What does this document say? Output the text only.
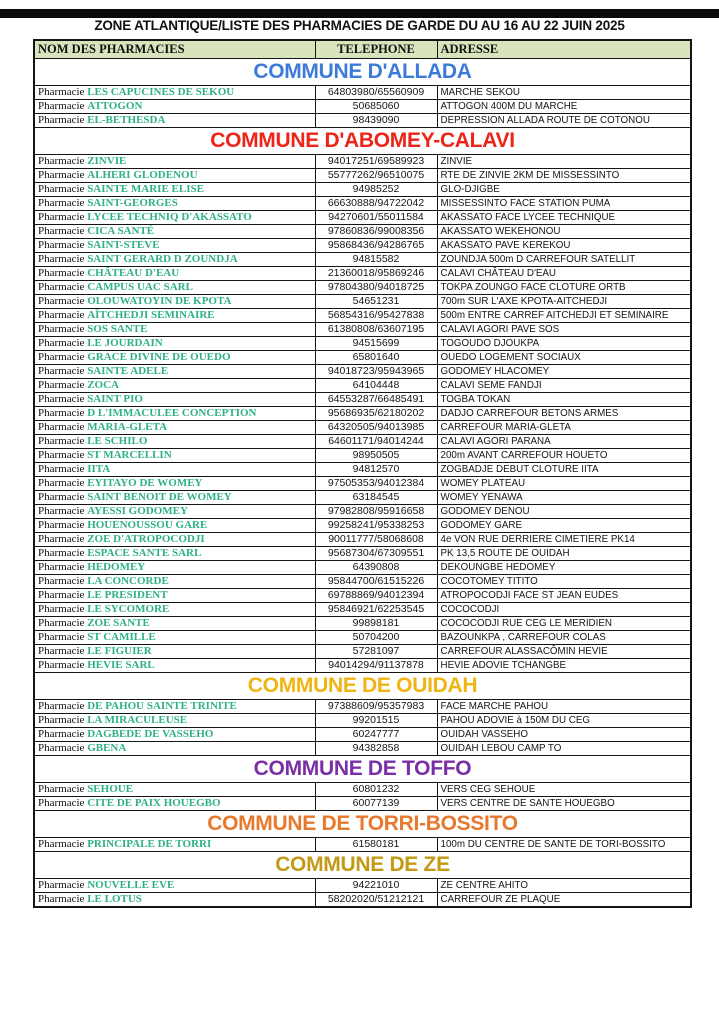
ZONE ATLANTIQUE/LISTE DES PHARMACIES DE GARDE DU AU 16 AU 22 JUIN 2025
NOM DES PHARMACIES	TELEPHONE	ADRESSE
COMMUNE D'ALLADA		
Pharmacie LES CAPUCINES DE SEKOU	64803980/65560909	MARCHE SEKOU
Pharmacie ATTOGON	50685060	ATTOGON 400M DU MARCHE
Pharmacie EL-BETHESDA	98439090	DEPRESSION ALLADA ROUTE DE COTONOU
COMMUNE D'ABOMEY-CALAVI		
Pharmacie ZINVIE	94017251/69589923	ZINVIE
Pharmacie ALHERI GLODENOU	55777262/96510075	RTE DE ZINVIE 2KM DE MISSESSINTO
Pharmacie SAINTE MARIE ELISE	94985252	GLO-DJIGBE
Pharmacie SAINT-GEORGES	66630888/94722042	MISSESSINTO FACE STATION PUMA
Pharmacie LYCEE TECHNIQ D'AKASSATO	94270601/55011584	AKASSATO FACE LYCEE TECHNIQUE
Pharmacie CICA SANTÉ	97860836/99008356	AKASSATO WEKEHONOU
Pharmacie SAINT-STEVE	95868436/94286765	AKASSATO PAVE KEREKOU
Pharmacie SAINT GERARD D ZOUNDJA	94815582	ZOUNDJA 500m D CARREFOUR SATELLIT
Pharmacie CHÂTEAU D'EAU	21360018/95869246	CALAVI CHÂTEAU D'EAU
Pharmacie CAMPUS UAC SARL	97804380/94018725	TOKPA ZOUNGO FACE CLOTURE ORTB
Pharmacie OLOUWATOYIN DE KPOTA	54651231	700m SUR L'AXE KPOTA-AITCHEDJI
Pharmacie AÏTCHEDJI SEMINAIRE	56854316/95427838	500m ENTRE CARREF AITCHEDJI ET SEMINAIRE
Pharmacie SOS SANTE	61380808/63607195	CALAVI AGORI PAVE SOS
Pharmacie LE JOURDAIN	94515699	TOGOUDO DJOUKPA
Pharmacie GRACE DIVINE DE OUEDO	65801640	OUEDO LOGEMENT SOCIAUX
Pharmacie SAINTE ADELE	94018723/95943965	GODOMEY HLACOMEY
Pharmacie ZOCA	64104448	CALAVI SEME FANDJI
Pharmacie SAINT PIO	64553287/66485491	TOGBA TOKAN
Pharmacie D L'IMMACULEE CONCEPTION	95686935/62180202	DADJO CARREFOUR BETONS ARMES
Pharmacie MARIA-GLETA	64320505/94013985	CARREFOUR MARIA-GLETA
Pharmacie LE SCHILO	64601171/94014244	CALAVI AGORI PARANA
Pharmacie ST MARCELLIN	98950505	200m AVANT CARREFOUR HOUETO
Pharmacie IITA	94812570	ZOGBADJE DEBUT CLOTURE IITA
Pharmacie EYITAYO DE WOMEY	97505353/94012384	WOMEY PLATEAU
Pharmacie SAINT BENOIT DE WOMEY	63184545	WOMEY YENAWA
Pharmacie AYESSI GODOMEY	97982808/95916658	GODOMEY DENOU
Pharmacie HOUENOUSSOU GARE	99258241/95338253	GODOMEY GARE
Pharmacie ZOE D'ATROPOCODJI	90011777/58068608	4e VON RUE DERRIERE CIMETIERE PK14
Pharmacie ESPACE SANTE SARL	95687304/67309551	PK 13,5 ROUTE DE OUIDAH
Pharmacie HEDOMEY	64390808	DEKOUNGBE HEDOMEY
Pharmacie LA CONCORDE	95844700/61515226	COCOTOMEY TITITO
Pharmacie LE PRESIDENT	69788869/94012394	ATROPOCODJI FACE ST JEAN EUDES
Pharmacie LE SYCOMORE	95846921/62253545	COCOCODJI
Pharmacie ZOE SANTE	99898181	COCOCODJI RUE CEG LE MERIDIEN
Pharmacie ST CAMILLE	50704200	BAZOUNKPA , CARREFOUR COLAS
Pharmacie LE FIGUIER	57281097	CARREFOUR ALASSACÔMIN HEVIE
Pharmacie HEVIE SARL	94014294/91137878	HEVIE ADOVIE TCHANGBE
COMMUNE DE OUIDAH		
Pharmacie DE PAHOU SAINTE TRINITE	97388609/95357983	FACE MARCHE PAHOU
Pharmacie LA MIRACULEUSE	99201515	PAHOU ADOVIE à 150M DU CEG
Pharmacie DAGBEDE DE VASSEHO	60247777	OUIDAH VASSEHO
Pharmacie GBENA	94382858	OUIDAH LEBOU CAMP TO
COMMUNE DE TOFFO		
Pharmacie SEHOUE	60801232	VERS CEG SEHOUE
Pharmacie CITE DE PAIX HOUEGBO	60077139	VERS CENTRE DE SANTE HOUEGBO
COMMUNE DE TORRI-BOSSITO		
Pharmacie PRINCIPALE DE TORRI	61580181	100m DU CENTRE DE SANTE DE TORI-BOSSITO
COMMUNE DE ZE		
Pharmacie NOUVELLE EVE	94221010	ZE CENTRE AHITO
Pharmacie LE LOTUS	58202020/51212121	CARREFOUR ZE PLAQUE
